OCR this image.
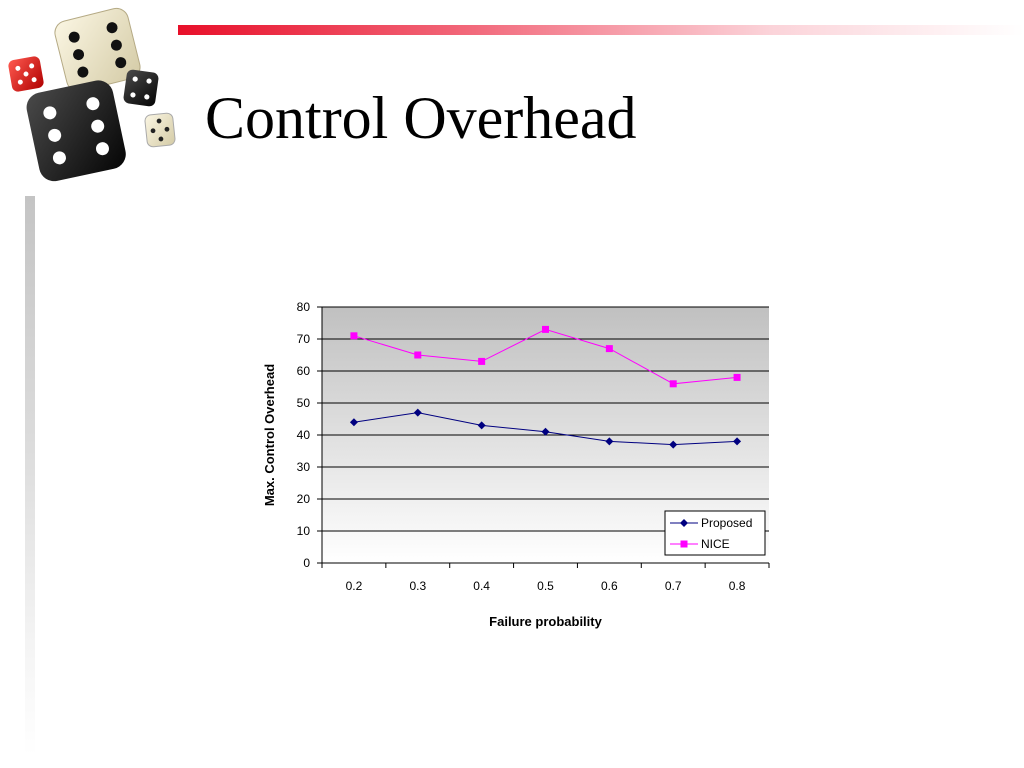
Control Overhead
0
10
20
30
40
50
60
70
80
0.2	0.3	0.4	0.5	0.6	0.7	0.8
Failure probability
Max. Control Overhead
Proposed
NICE
